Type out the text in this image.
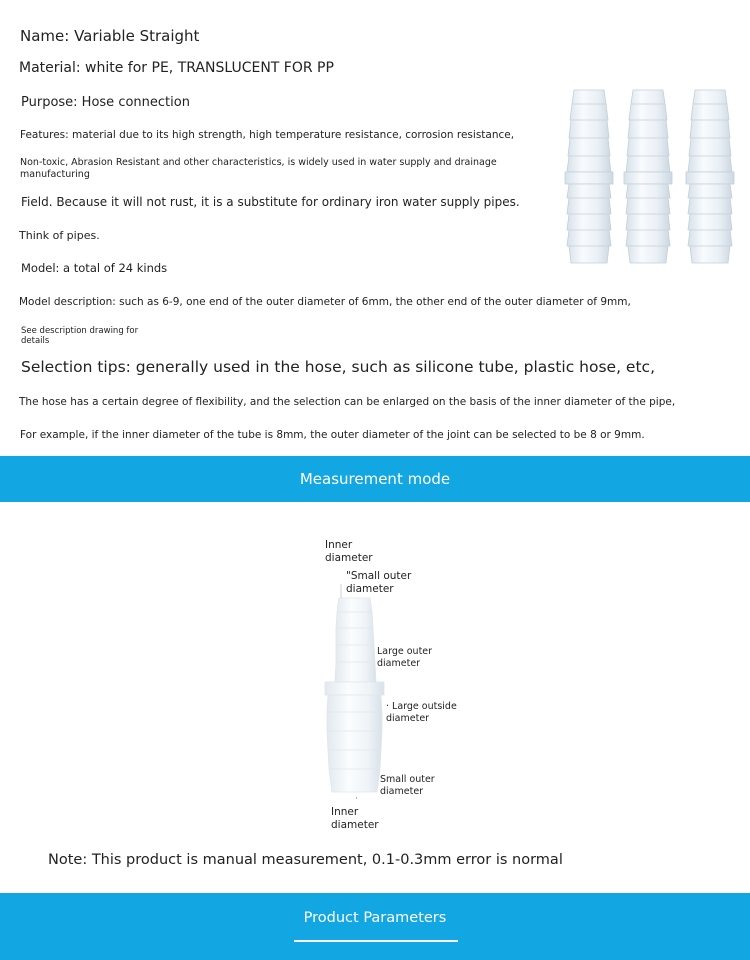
Name: Variable Straight
Material: white for PE, TRANSLUCENT FOR PP
Purpose: Hose connection
Features: material due to its high strength, high temperature resistance, corrosion resistance,
Non-toxic, Abrasion Resistant and other characteristics, is widely used in water supply and drainage
manufacturing
Field. Because it will not rust, it is a substitute for ordinary iron water supply pipes.
Think of pipes.
Model: a total of 24 kinds
Model description: such as 6-9, one end of the outer diameter of 6mm, the other end of the outer diameter of 9mm,
See description drawing for
details
Selection tips: generally used in the hose, such as silicone tube, plastic hose, etc,
The hose has a certain degree of flexibility, and the selection can be enlarged on the basis of the inner diameter of the pipe,
For example, if the inner diameter of the tube is 8mm, the outer diameter of the joint can be selected to be 8 or 9mm.
Measurement mode
Inner
diameter
"Small outer
diameter
Large outer
diameter
· Large outside
diameter
Small outer
diameter
Inner
diameter
Note: This product is manual measurement, 0.1-0.3mm error is normal
Product Parameters
